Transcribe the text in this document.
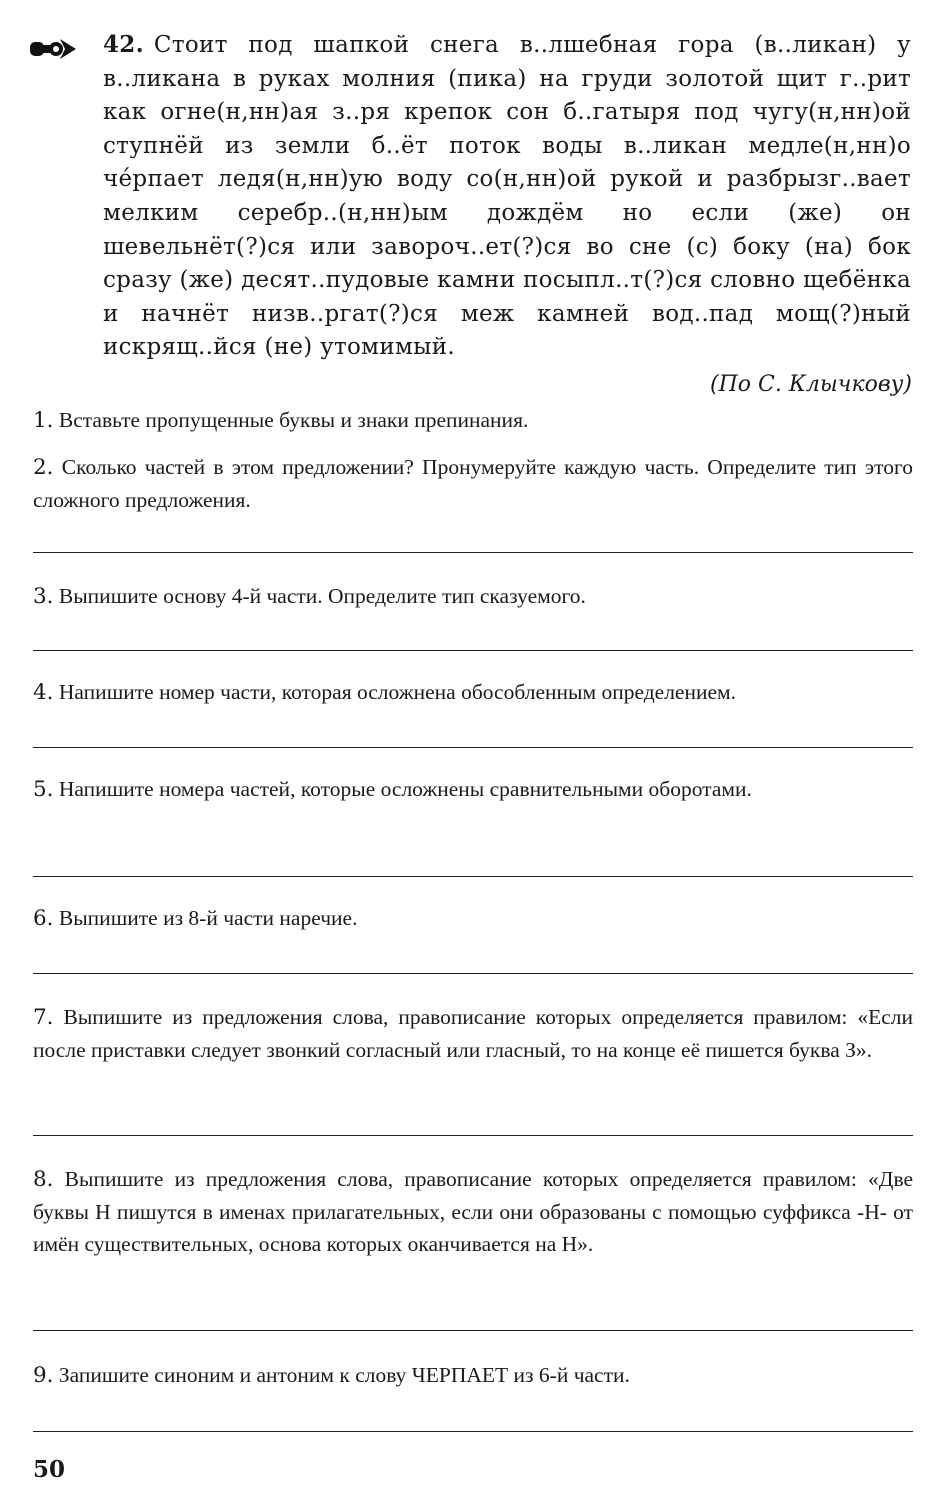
42. Стоит под шапкой снега в..лшебная гора (в..ликан) у в..ликана в руках молния (пика) на груди золотой щит г..рит как огне(н,нн)ая з..ря крепок сон б..гатыря под чугу(н,нн)ой ступнёй из земли б..ёт поток воды в..ликан медле(н,нн)о чéрпает ледя(н,нн)ую воду со(н,нн)ой рукой и разбрызг..вает мелким серебр..(н,нн)ым дождём но если (же) он шевельнёт(?)ся или завороч..ет(?)ся во сне (с) боку (на) бок сразу (же) десят..пудовые камни посыпл..т(?)ся словно щебёнка и начнёт низв..ргат(?)ся меж камней вод..пад мощ(?)ный искрящ..йся (не) утомимый.

(По С. Клычкову)

1. Вставьте пропущенные буквы и знаки препинания.

2. Сколько частей в этом предложении? Пронумеруйте каждую часть. Определите тип этого сложного предложения.

3. Выпишите основу 4-й части. Определите тип сказуемого.

4. Напишите номер части, которая осложнена обособленным определением.

5. Напишите номера частей, которые осложнены сравнительными оборотами.

6. Выпишите из 8-й части наречие.

7. Выпишите из предложения слова, правописание которых определяется правилом: «Если после приставки следует звонкий согласный или гласный, то на конце её пишется буква З».

8. Выпишите из предложения слова, правописание которых определяется правилом: «Две буквы Н пишутся в именах прилагательных, если они образованы с помощью суффикса -Н- от имён существительных, основа которых оканчивается на Н».

9. Запишите синоним и антоним к слову ЧЕРПАЕТ из 6-й части.

50
